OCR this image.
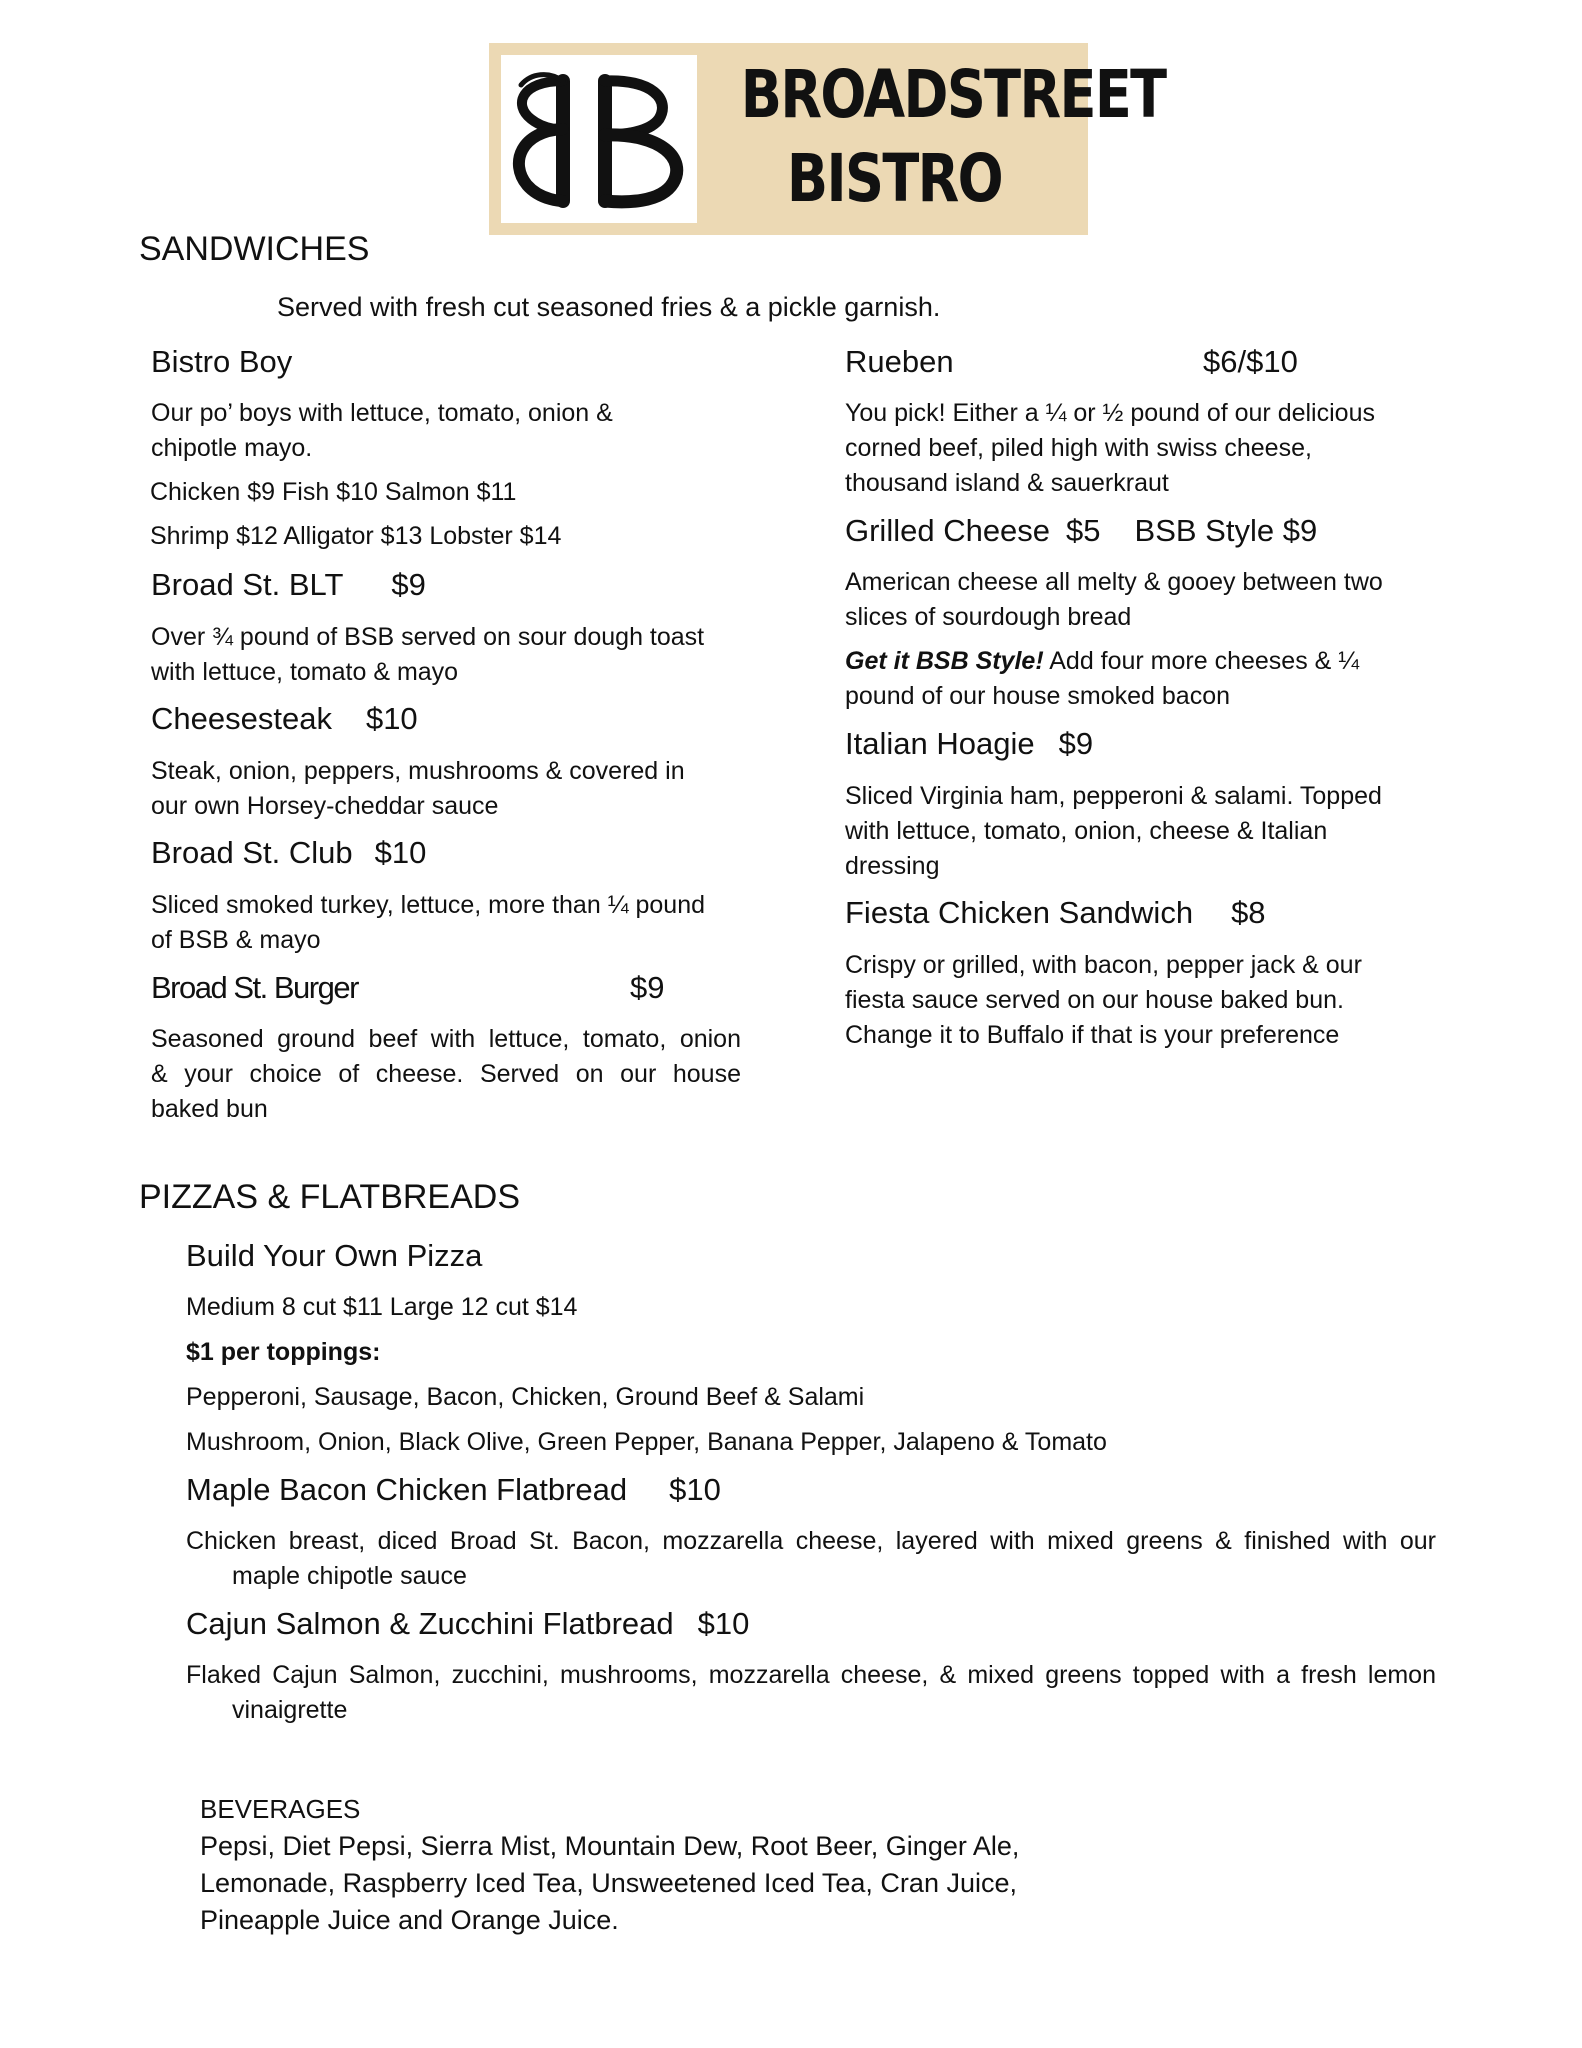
BROADSTREET
BISTRO
SANDWICHES
Served with fresh cut seasoned fries & a pickle garnish.
Bistro Boy
Our po’ boys with lettuce, tomato, onion &
chipotle mayo.
Chicken $9 Fish $10 Salmon $11
Shrimp $12 Alligator $13 Lobster $14
Broad St. BLT $9
Over ¾ pound of BSB served on sour dough toast
with lettuce, tomato & mayo
Cheesesteak $10
Steak, onion, peppers, mushrooms & covered in
our own Horsey-cheddar sauce
Broad St. Club $10
Sliced smoked turkey, lettuce, more than ¼ pound
of BSB & mayo
Broad St. Burger	$9
Seasoned ground beef with lettuce, tomato, onion
& your choice of cheese. Served on our house
baked bun
Rueben	$6/$10
You pick! Either a ¼ or ½ pound of our delicious
corned beef, piled high with swiss cheese,
thousand island & sauerkraut
Grilled Cheese $5 BSB Style $9
American cheese all melty & gooey between two
slices of sourdough bread
Get it BSB Style! Add four more cheeses & ¼
pound of our house smoked bacon
Italian Hoagie $9
Sliced Virginia ham, pepperoni & salami. Topped
with lettuce, tomato, onion, cheese & Italian
dressing
Fiesta Chicken Sandwich $8
Crispy or grilled, with bacon, pepper jack & our
fiesta sauce served on our house baked bun.
Change it to Buffalo if that is your preference
PIZZAS & FLATBREADS
Build Your Own Pizza
Medium 8 cut $11 Large 12 cut $14
$1 per toppings:
Pepperoni, Sausage, Bacon, Chicken, Ground Beef & Salami
Mushroom, Onion, Black Olive, Green Pepper, Banana Pepper, Jalapeno & Tomato
Maple Bacon Chicken Flatbread $10
Chicken breast, diced Broad St. Bacon, mozzarella cheese, layered with mixed greens & finished with our
maple chipotle sauce
Cajun Salmon & Zucchini Flatbread $10
Flaked Cajun Salmon, zucchini, mushrooms, mozzarella cheese, & mixed greens topped with a fresh lemon
vinaigrette
BEVERAGES
Pepsi, Diet Pepsi, Sierra Mist, Mountain Dew, Root Beer, Ginger Ale,
Lemonade, Raspberry Iced Tea, Unsweetened Iced Tea, Cran Juice,
Pineapple Juice and Orange Juice.
